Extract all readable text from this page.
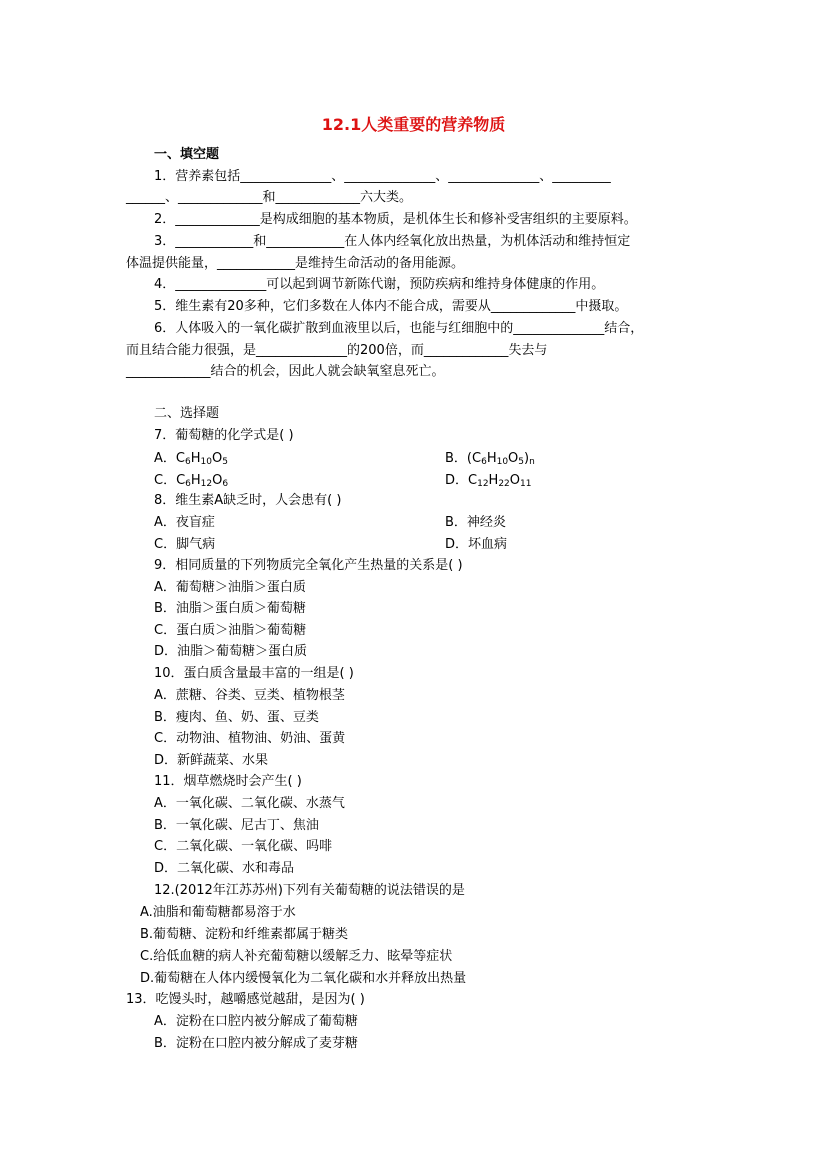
12.1人类重要的营养物质
一、填空题
1．营养素包括______________、______________、______________、_________
______、_____________和_____________六大类。
2．_____________是构成细胞的基本物质，是机体生长和修补受害组织的主要原料。
3．____________和____________在人体内经氧化放出热量，为机体活动和维持恒定
体温提供能量，____________是维持生命活动的备用能源。
4．______________可以起到调节新陈代谢，预防疾病和维持身体健康的作用。
5．维生素有20多种，它们多数在人体内不能合成，需要从_____________中摄取。
6．人体吸入的一氧化碳扩散到血液里以后，也能与红细胞中的______________结合，
而且结合能力很强，是______________的200倍，而_____________失去与
_____________结合的机会，因此人就会缺氧窒息死亡。
二、选择题
7．葡萄糖的化学式是( )
A．$C_6H_{10}O_5$	B．$(C_6H_{10}O_5)_n$
C．$C_6H_{12}O_6$	D．$C_{12}H_{22}O_{11}$
8．维生素A缺乏时，人会患有( )
A．夜盲症	B．神经炎
C．脚气病	D．坏血病
9．相同质量的下列物质完全氧化产生热量的关系是( )
A．葡萄糖＞油脂＞蛋白质
B．油脂＞蛋白质＞葡萄糖
C．蛋白质＞油脂＞葡萄糖
D．油脂＞葡萄糖＞蛋白质
10．蛋白质含量最丰富的一组是( )
A．蔗糖、谷类、豆类、植物根茎
B．瘦肉、鱼、奶、蛋、豆类
C．动物油、植物油、奶油、蛋黄
D．新鲜蔬菜、水果
11．烟草燃烧时会产生( )
A．一氧化碳、二氧化碳、水蒸气
B．一氧化碳、尼古丁、焦油
C．二氧化碳、一氧化碳、吗啡
D．二氧化碳、水和毒品
12.(2012年江苏苏州)下列有关葡萄糖的说法错误的是
A.油脂和葡萄糖都易溶于水
B.葡萄糖、淀粉和纤维素都属于糖类
C.给低血糖的病人补充葡萄糖以缓解乏力、眩晕等症状
D.葡萄糖在人体内缓慢氧化为二氧化碳和水并释放出热量
13．吃馒头时，越嚼感觉越甜，是因为( )
A．淀粉在口腔内被分解成了葡萄糖
B．淀粉在口腔内被分解成了麦芽糖
